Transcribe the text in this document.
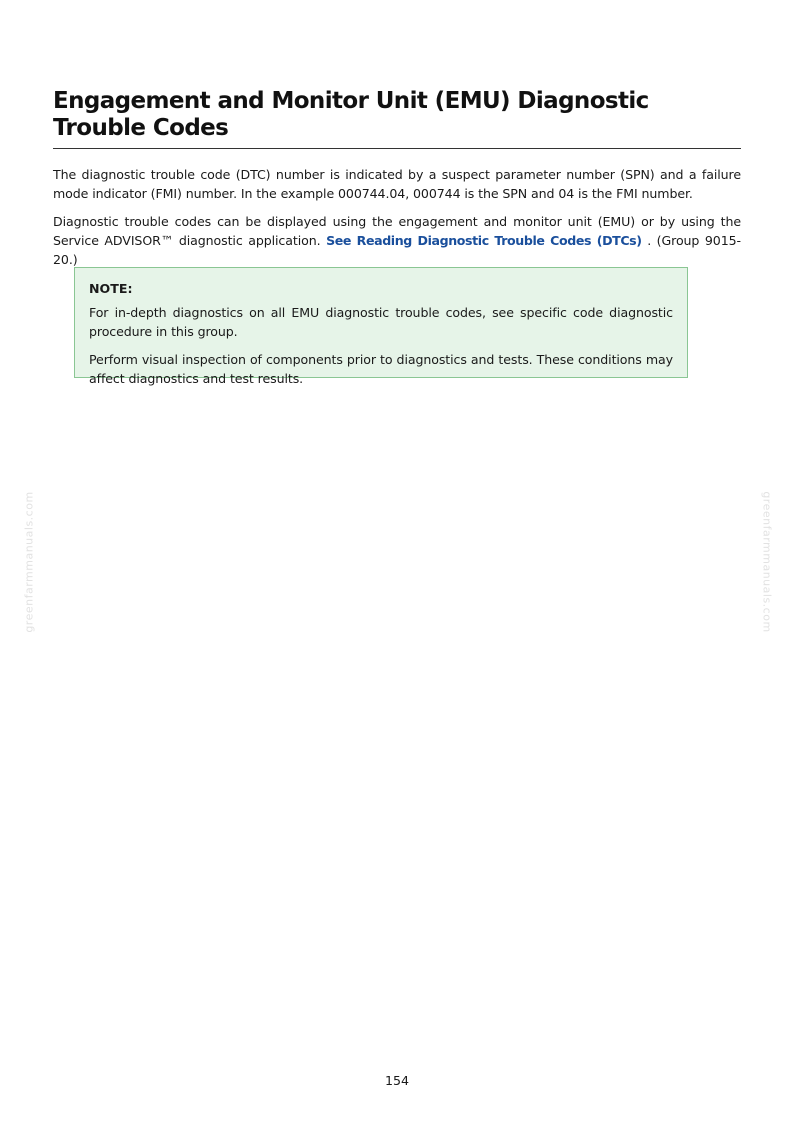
greenfarmmanuals.com	greenfarmmanuals.com
Engagement and Monitor Unit (EMU) Diagnostic Trouble Codes

The diagnostic trouble code (DTC) number is indicated by a suspect parameter number (SPN) and a failure mode indicator (FMI) number. In the example 000744.04, 000744 is the SPN and 04 is the FMI number.

Diagnostic trouble codes can be displayed using the engagement and monitor unit (EMU) or by using the Service ADVISOR™ diagnostic application. See Reading Diagnostic Trouble Codes (DTCs) . (Group 9015-20.)

NOTE:

For in-depth diagnostics on all EMU diagnostic trouble codes, see specific code diagnostic procedure in this group.

Perform visual inspection of components prior to diagnostics and tests. These conditions may affect diagnostics and test results.

154
